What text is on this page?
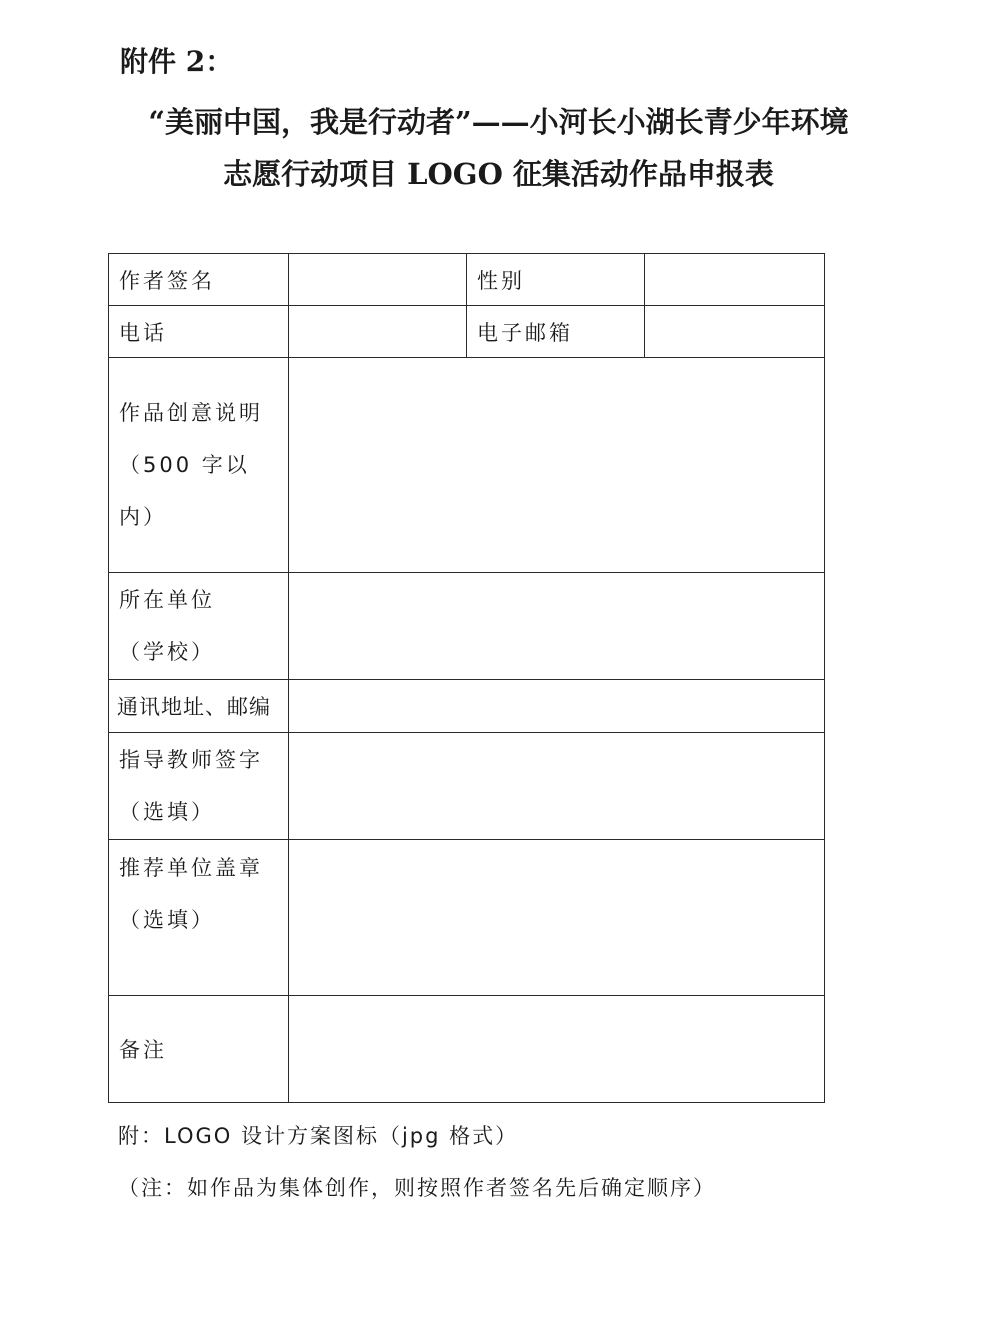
附件 2：
“美丽中国，我是行动者”——小河长小湖长青少年环境
志愿行动项目 LOGO 征集活动作品申报表
作者签名		性别	
电话		电子邮箱	

作品创意说明
（500 字以内）			

所在单位
（学校）			

通讯地址、邮编			

指导教师签字
（选填）			

推荐单位盖章
（选填）			

备注			
附：LOGO 设计方案图标（jpg 格式）
（注：如作品为集体创作，则按照作者签名先后确定顺序）
